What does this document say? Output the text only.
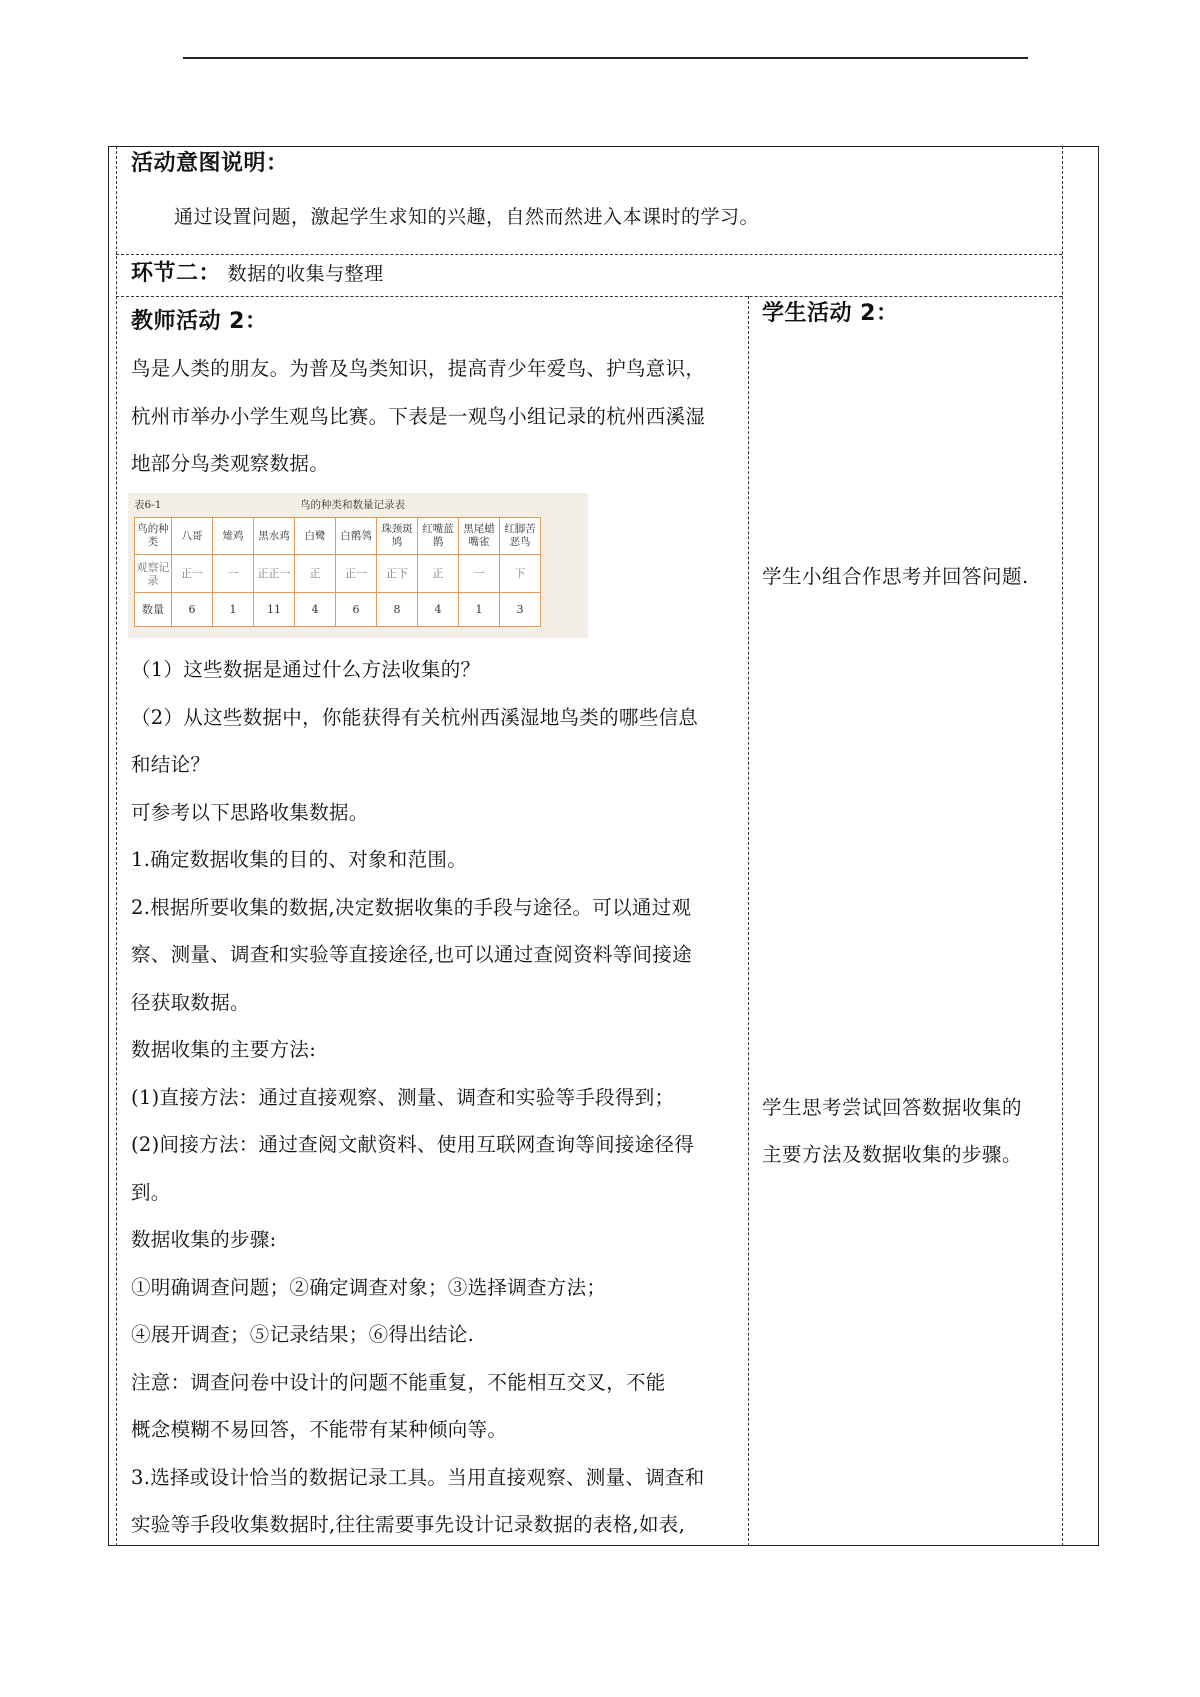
活动意图说明：
通过设置问题，激起学生求知的兴趣，自然而然进入本课时的学习。
环节二： 数据的收集与整理
教师活动 2：

鸟是人类的朋友。为普及鸟类知识，提高青少年爱鸟、护鸟意识，

杭州市举办小学生观鸟比赛。下表是一观鸟小组记录的杭州西溪湿

地部分鸟类观察数据。

表6-1	鸟的种类和数量记录表
鸟的种类	八哥	雉鸡	黑水鸡	白鹭	白鹡鸰	珠颈斑鸠	红嘴蓝鹊	黑尾蜡嘴雀	红脚苦恶鸟
观察记录	正一	一	正正一	正	正一	正下	正	一	下
数量	6	1	11	4	6	8	4	1	3

（1）这些数据是通过什么方法收集的？

（2）从这些数据中，你能获得有关杭州西溪湿地鸟类的哪些信息

和结论？

可参考以下思路收集数据。

1.确定数据收集的目的、对象和范围。

2.根据所要收集的数据,决定数据收集的手段与途径。可以通过观

察、测量、调查和实验等直接途径,也可以通过查阅资料等间接途

径获取数据。

数据收集的主要方法:

(1)直接方法：通过直接观察、测量、调查和实验等手段得到；

(2)间接方法：通过查阅文献资料、使用互联网查询等间接途径得

到。

数据收集的步骤:

①明确调查问题；②确定调查对象；③选择调查方法；

④展开调查；⑤记录结果；⑥得出结论.

注意：调查问卷中设计的问题不能重复，不能相互交叉，不能

概念模糊不易回答，不能带有某种倾向等。

3.选择或设计恰当的数据记录工具。当用直接观察、测量、调查和

实验等手段收集数据时,往往需要事先设计记录数据的表格,如表,

学生活动 2：

学生小组合作思考并回答问题.

学生思考尝试回答数据收集的

主要方法及数据收集的步骤。
